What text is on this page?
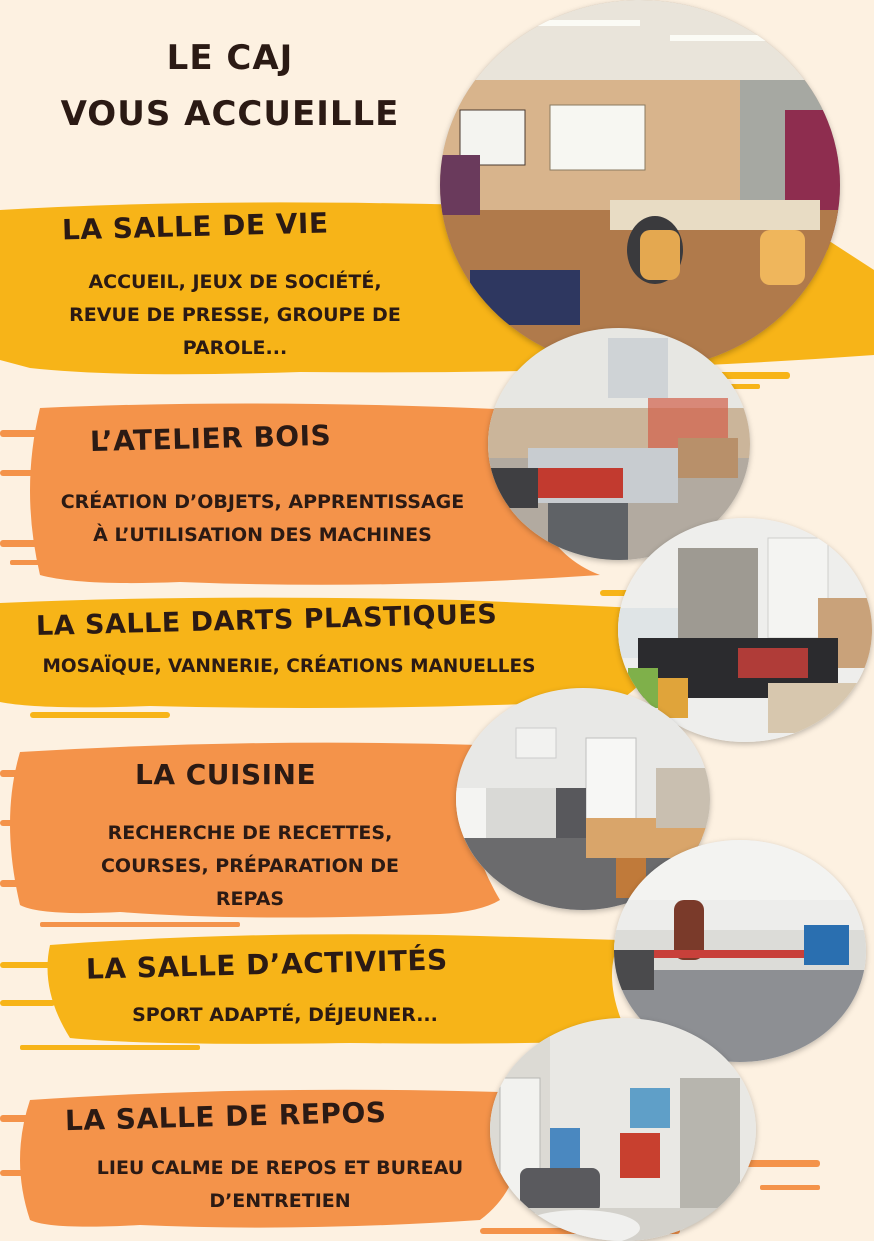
LE CAJ
VOUS ACCUEILLE
LA SALLE DE VIE
ACCUEIL, JEUX DE SOCIÉTÉ,
REVUE DE PRESSE, GROUPE DE
PAROLE...
L’ATELIER BOIS
CRÉATION D’OBJETS, APPRENTISSAGE
À L’UTILISATION DES MACHINES
LA SALLE DARTS PLASTIQUES
MOSAÏQUE, VANNERIE, CRÉATIONS MANUELLES
LA CUISINE
RECHERCHE DE RECETTES,
COURSES, PRÉPARATION DE
REPAS
LA SALLE D’ACTIVITÉS
SPORT ADAPTÉ, DÉJEUNER...
LA SALLE DE REPOS
LIEU CALME DE REPOS ET BUREAU
D’ENTRETIEN
